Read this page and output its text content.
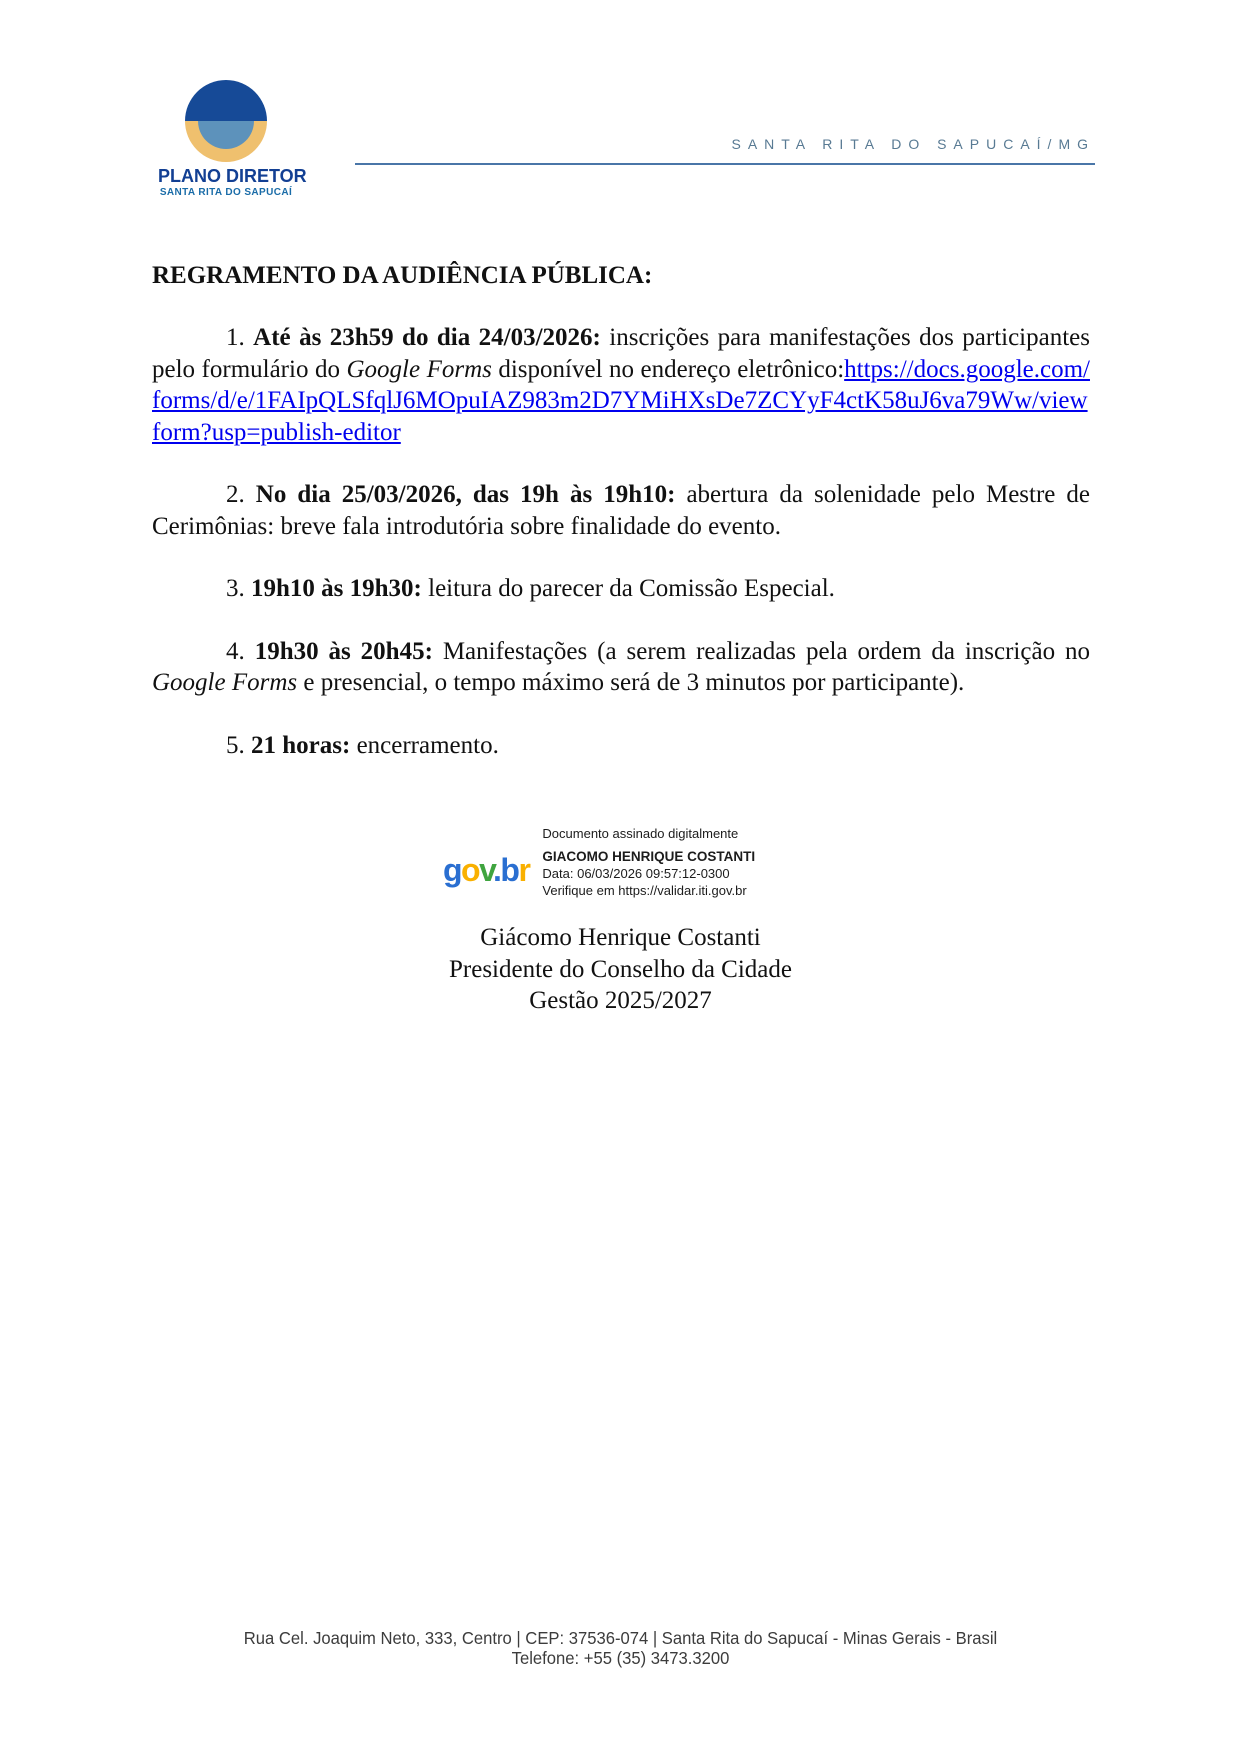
PLANO DIRETOR
SANTA RITA DO SAPUCAÍ
SANTA RITA DO SAPUCAÍ/MG
REGRAMENTO DA AUDIÊNCIA PÚBLICA:

1. Até às 23h59 do dia 24/03/2026: inscrições para manifestações dos participantes pelo formulário do Google Forms disponível no endereço eletrônico:https://docs.google.com/forms/d/e/1FAIpQLSfqlJ6MOpuIAZ983m2D7YMiHXsDe7ZCYyF4ctK58uJ6va79Ww/viewform?usp=publish-editor

2. No dia 25/03/2026, das 19h às 19h10: abertura da solenidade pelo Mestre de Cerimônias: breve fala introdutória sobre finalidade do evento.

3. 19h10 às 19h30: leitura do parecer da Comissão Especial.

4. 19h30 às 20h45: Manifestações (a serem realizadas pela ordem da inscrição no Google Forms e presencial, o tempo máximo será de 3 minutos por participante).

5. 21 horas: encerramento.

gov.br
Documento assinado digitalmente
GIACOMO HENRIQUE COSTANTI
Data: 06/03/2026 09:57:12-0300
Verifique em https://validar.iti.gov.br
Giácomo Henrique Costanti
Presidente do Conselho da Cidade
Gestão 2025/2027
Rua Cel. Joaquim Neto, 333, Centro | CEP: 37536-074 | Santa Rita do Sapucaí - Minas Gerais - Brasil
Telefone: +55 (35) 3473.3200
